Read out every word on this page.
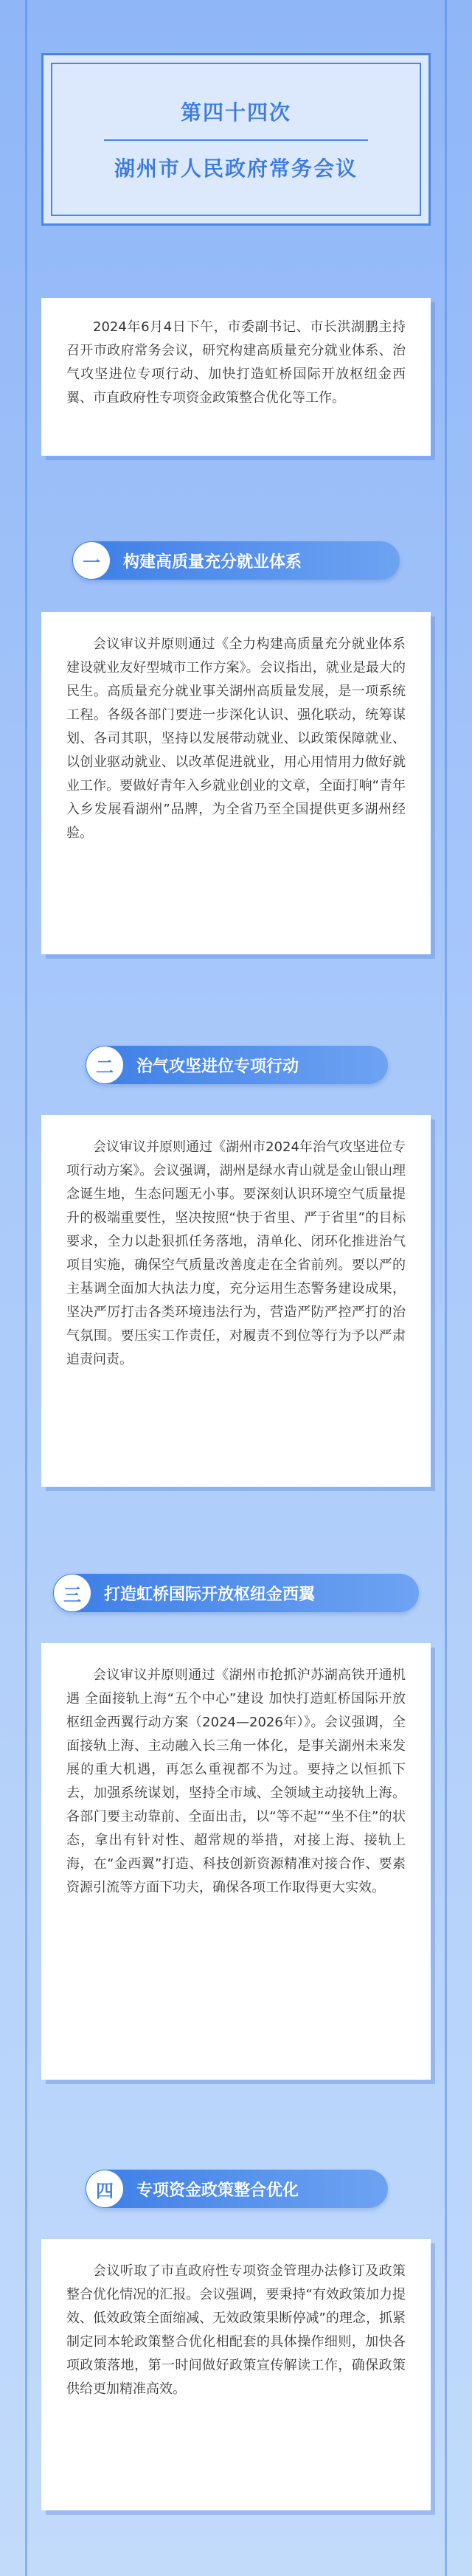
第四十四次
湖州市人民政府常务会议
2024年6月4日下午，市委副书记、市长洪湖鹏主持召开市政府常务会议，研究构建高质量充分就业体系、治气攻坚进位专项行动、加快打造虹桥国际开放枢纽金西翼、市直政府性专项资金政策整合优化等工作。
一	构建高质量充分就业体系
会议审议并原则通过《全力构建高质量充分就业体系建设就业友好型城市工作方案》。会议指出，就业是最大的民生。高质量充分就业事关湖州高质量发展，是一项系统工程。各级各部门要进一步深化认识、强化联动，统筹谋划、各司其职，坚持以发展带动就业、以政策保障就业、以创业驱动就业、以改革促进就业，用心用情用力做好就业工作。要做好青年入乡就业创业的文章，全面打响“青年入乡发展看湖州”品牌，为全省乃至全国提供更多湖州经验。
二	治气攻坚进位专项行动
会议审议并原则通过《湖州市2024年治气攻坚进位专项行动方案》。会议强调，湖州是绿水青山就是金山银山理念诞生地，生态问题无小事。要深刻认识环境空气质量提升的极端重要性，坚决按照“快于省里、严于省里”的目标要求，全力以赴狠抓任务落地，清单化、闭环化推进治气项目实施，确保空气质量改善度走在全省前列。要以严的主基调全面加大执法力度，充分运用生态警务建设成果，坚决严厉打击各类环境违法行为，营造严防严控严打的治气氛围。要压实工作责任，对履责不到位等行为予以严肃追责问责。
三	打造虹桥国际开放枢纽金西翼
会议审议并原则通过《湖州市抢抓沪苏湖高铁开通机遇 全面接轨上海“五个中心”建设 加快打造虹桥国际开放枢纽金西翼行动方案（2024—2026年）》。会议强调，全面接轨上海、主动融入长三角一体化，是事关湖州未来发展的重大机遇，再怎么重视都不为过。要持之以恒抓下去，加强系统谋划，坚持全市域、全领域主动接轨上海。各部门要主动靠前、全面出击，以“等不起”“坐不住”的状态，拿出有针对性、超常规的举措，对接上海、接轨上海，在“金西翼”打造、科技创新资源精准对接合作、要素资源引流等方面下功夫，确保各项工作取得更大实效。
四	专项资金政策整合优化
会议听取了市直政府性专项资金管理办法修订及政策整合优化情况的汇报。会议强调，要秉持“有效政策加力提效、低效政策全面缩减、无效政策果断停减”的理念，抓紧制定同本轮政策整合优化相配套的具体操作细则，加快各项政策落地，第一时间做好政策宣传解读工作，确保政策供给更加精准高效。
